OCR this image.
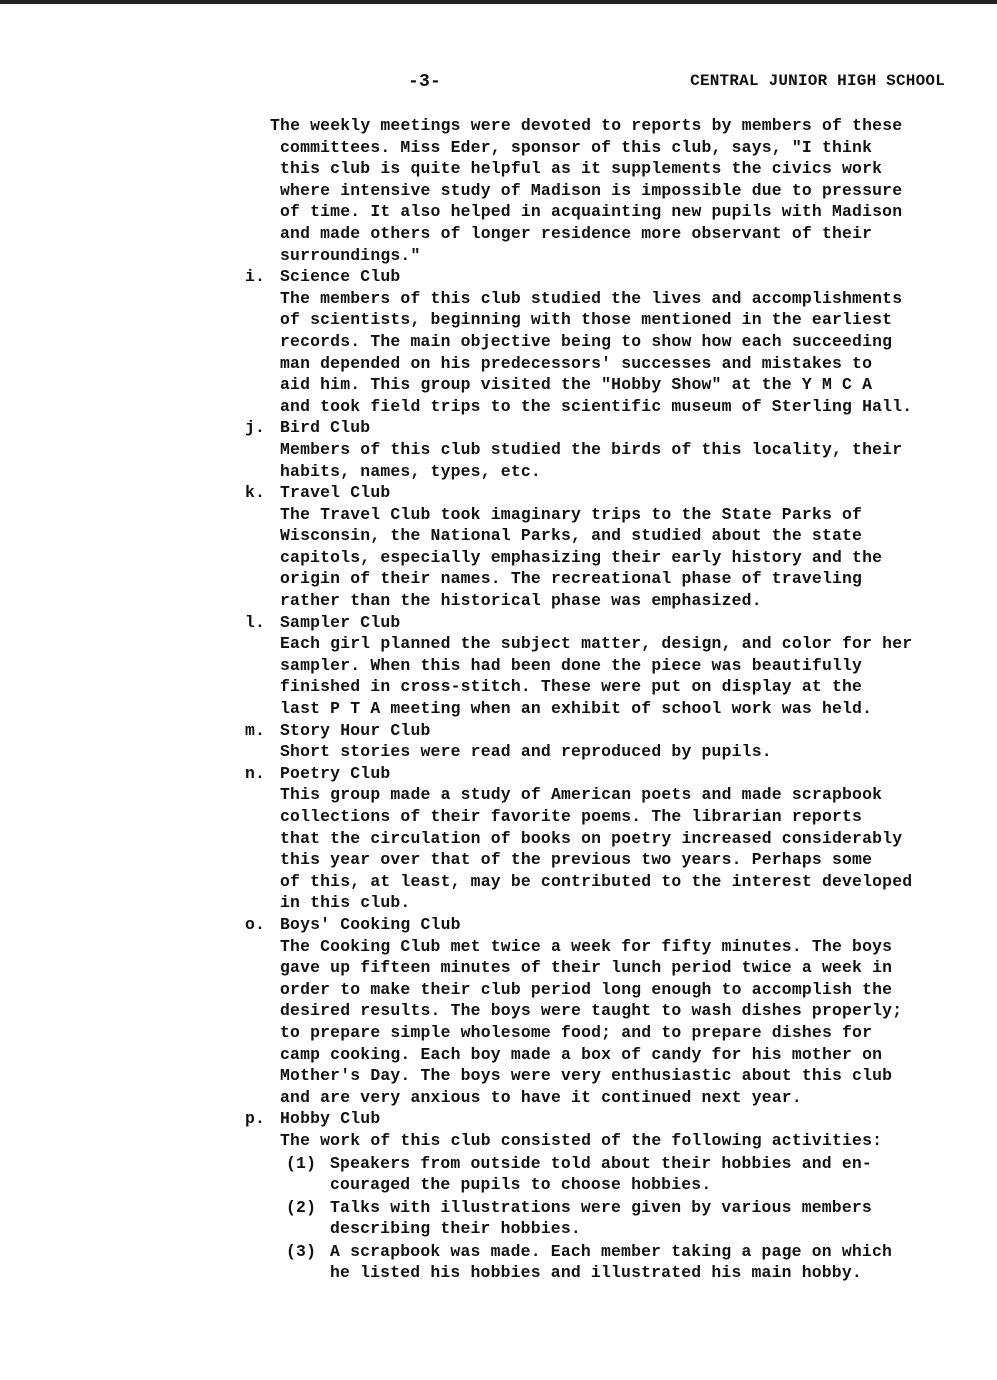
-3-	CENTRAL JUNIOR HIGH SCHOOL
The weekly meetings were devoted to reports by members of these
committees. Miss Eder, sponsor of this club, says, "I think
this club is quite helpful as it supplements the civics work
where intensive study of Madison is impossible due to pressure
of time. It also helped in acquainting new pupils with Madison
and made others of longer residence more observant of their
surroundings."
i. Science Club
The members of this club studied the lives and accomplishments
of scientists, beginning with those mentioned in the earliest
records. The main objective being to show how each succeeding
man depended on his predecessors' successes and mistakes to
aid him. This group visited the "Hobby Show" at the Y M C A
and took field trips to the scientific museum of Sterling Hall.
j. Bird Club
Members of this club studied the birds of this locality, their
habits, names, types, etc.
k. Travel Club
The Travel Club took imaginary trips to the State Parks of
Wisconsin, the National Parks, and studied about the state
capitols, especially emphasizing their early history and the
origin of their names. The recreational phase of traveling
rather than the historical phase was emphasized.
l. Sampler Club
Each girl planned the subject matter, design, and color for her
sampler. When this had been done the piece was beautifully
finished in cross-stitch. These were put on display at the
last P T A meeting when an exhibit of school work was held.
m. Story Hour Club
Short stories were read and reproduced by pupils.
n. Poetry Club
This group made a study of American poets and made scrapbook
collections of their favorite poems. The librarian reports
that the circulation of books on poetry increased considerably
this year over that of the previous two years. Perhaps some
of this, at least, may be contributed to the interest developed
in this club.
o. Boys' Cooking Club
The Cooking Club met twice a week for fifty minutes. The boys
gave up fifteen minutes of their lunch period twice a week in
order to make their club period long enough to accomplish the
desired results. The boys were taught to wash dishes properly;
to prepare simple wholesome food; and to prepare dishes for
camp cooking. Each boy made a box of candy for his mother on
Mother's Day. The boys were very enthusiastic about this club
and are very anxious to have it continued next year.
p. Hobby Club
The work of this club consisted of the following activities:
(1) Speakers from outside told about their hobbies and en-
couraged the pupils to choose hobbies.
(2) Talks with illustrations were given by various members
describing their hobbies.
(3) A scrapbook was made. Each member taking a page on which
he listed his hobbies and illustrated his main hobby.
